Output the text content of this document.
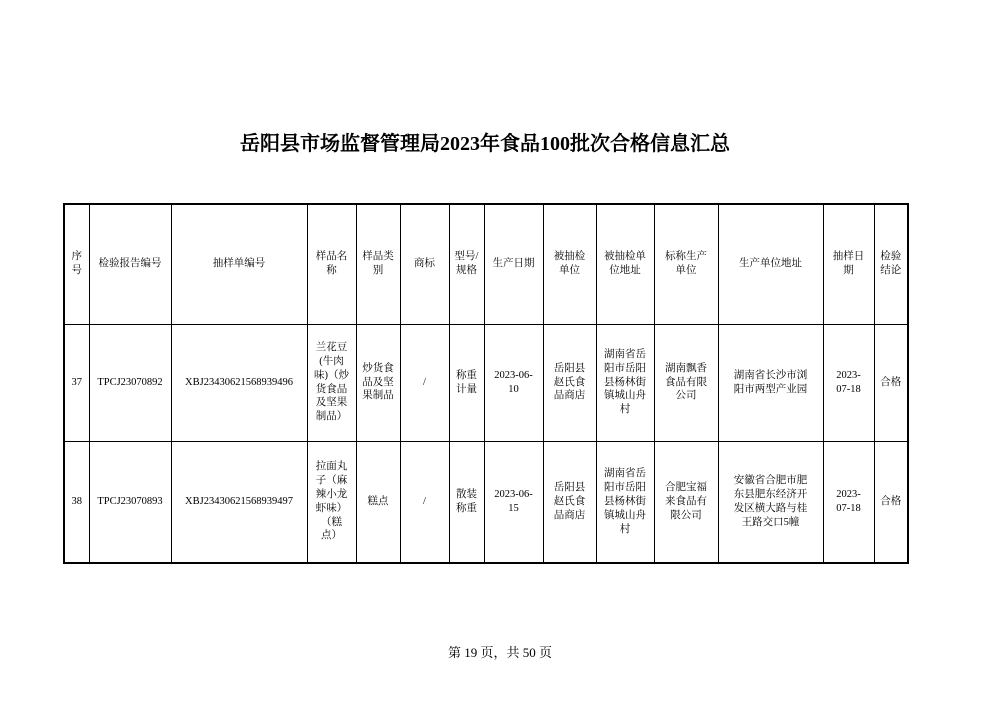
岳阳县市场监督管理局2023年食品100批次合格信息汇总
序号	检验报告编号	抽样单编号	样品名称	样品类别	商标	型号/规格	生产日期	被抽检单位	被抽检单位地址	标称生产单位	生产单位地址	抽样日期	检验结论
37	TPCJ23070892	XBJ23430621568939496	兰花豆(牛肉味)（炒货食品及坚果制品）	炒货食品及坚果制品	/	称重计量	2023-06-10	岳阳县赵氏食品商店	湖南省岳阳市岳阳县杨林街镇城山舟村	湖南飘香食品有限公司	湖南省长沙市浏阳市两型产业园	2023-07-18	合格
38	TPCJ23070893	XBJ23430621568939497	拉面丸子（麻辣小龙虾味）（糕点）	糕点	/	散装称重	2023-06-15	岳阳县赵氏食品商店	湖南省岳阳市岳阳县杨林街镇城山舟村	合肥宝福来食品有限公司	安徽省合肥市肥东县肥东经济开发区横大路与桂王路交口5幢	2023-07-18	合格
第 19 页，共 50 页
